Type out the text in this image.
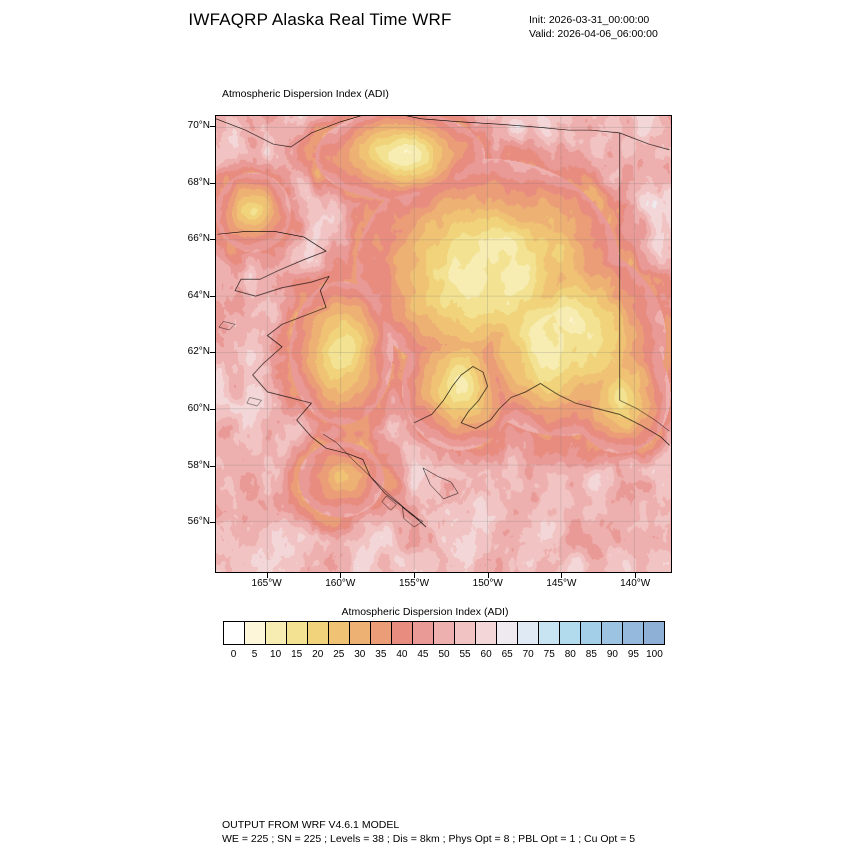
IWFAQRP Alaska Real Time WRF	Init: 2026-03-31_00:00:00
Valid: 2026-04-06_06:00:00
Atmospheric Dispersion Index (ADI)
56°N
58°N
60°N
62°N
64°N
66°N
68°N
70°N
165°W	160°W	155°W	150°W	145°W	140°W
Atmospheric Dispersion Index (ADI)
0 5 10 15 20 25 30 35 40 45 50 55 60 65 70 75 80 85 90 95 100
OUTPUT FROM WRF V4.6.1 MODEL
WE = 225 ; SN = 225 ; Levels = 38 ; Dis = 8km ; Phys Opt = 8 ; PBL Opt = 1 ; Cu Opt = 5
